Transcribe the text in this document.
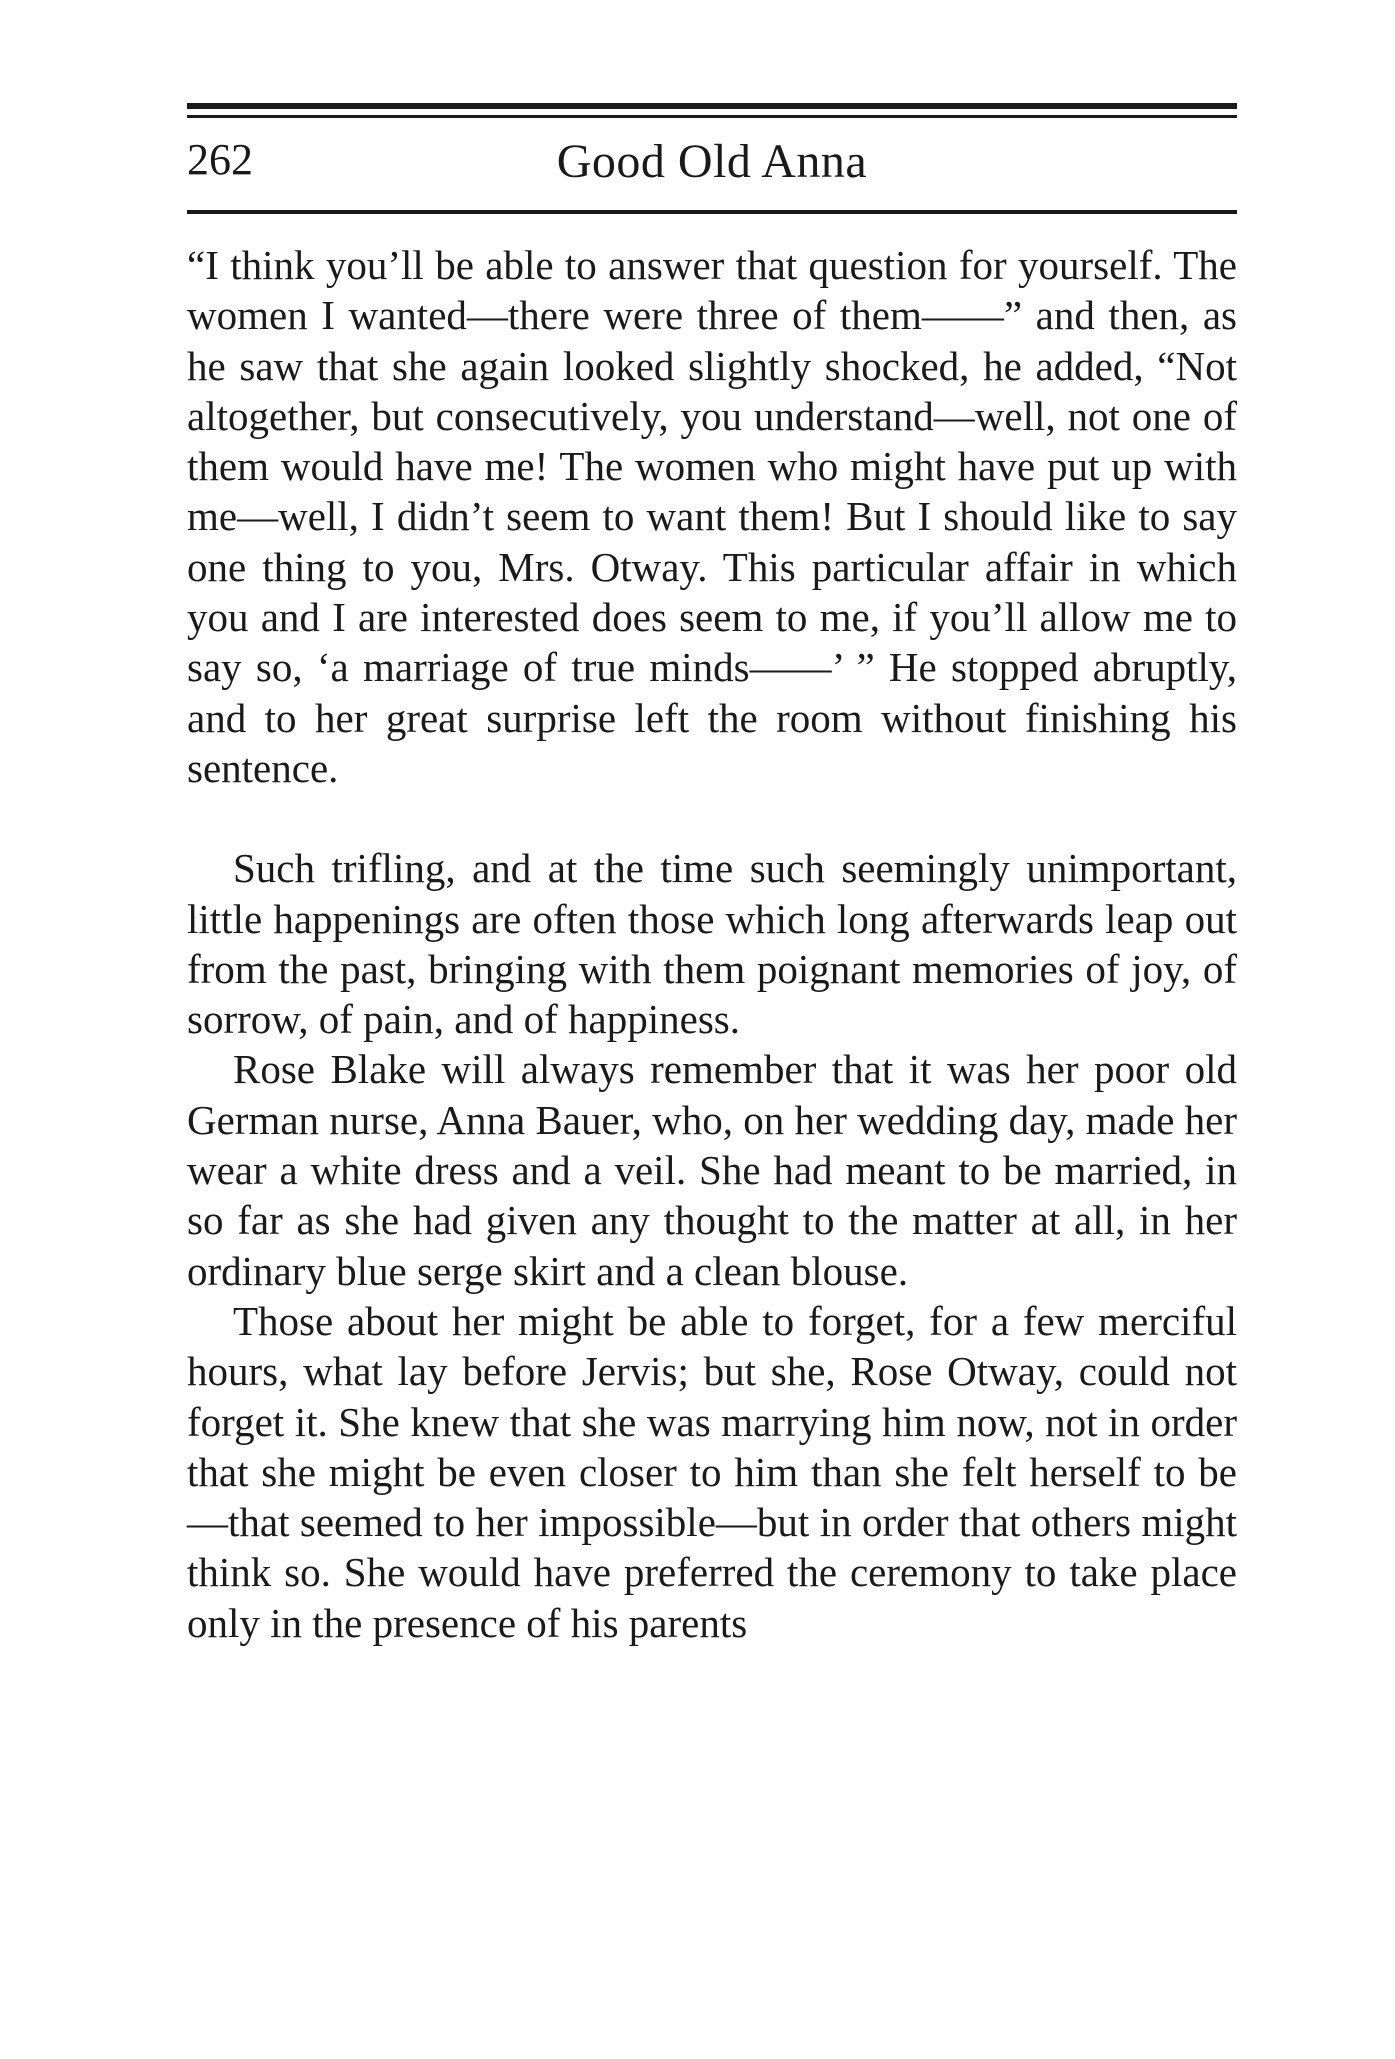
262	Good Old Anna

“I think you’ll be able to answer that question for yourself. The women I wanted—there were three of them——” and then, as he saw that she again looked slightly shocked, he added, “Not altogether, but consecutively, you understand—well, not one of them would have me! The women who might have put up with me—well, I didn’t seem to want them! But I should like to say one thing to you, Mrs. Otway. This particular affair in which you and I are interested does seem to me, if you’ll allow me to say so, ‘a marriage of true minds——’ ” He stopped abruptly, and to her great surprise left the room without finishing his sentence.

Such trifling, and at the time such seemingly unimportant, little happenings are often those which long afterwards leap out from the past, bringing with them poignant memories of joy, of sorrow, of pain, and of happiness.

Rose Blake will always remember that it was her poor old German nurse, Anna Bauer, who, on her wedding day, made her wear a white dress and a veil. She had meant to be married, in so far as she had given any thought to the matter at all, in her ordinary blue serge skirt and a clean blouse.

Those about her might be able to forget, for a few merciful hours, what lay before Jervis; but she, Rose Otway, could not forget it. She knew that she was marrying him now, not in order that she might be even closer to him than she felt herself to be—that seemed to her impossible—but in order that others might think so. She would have preferred the ceremony to take place only in the presence of his parents
